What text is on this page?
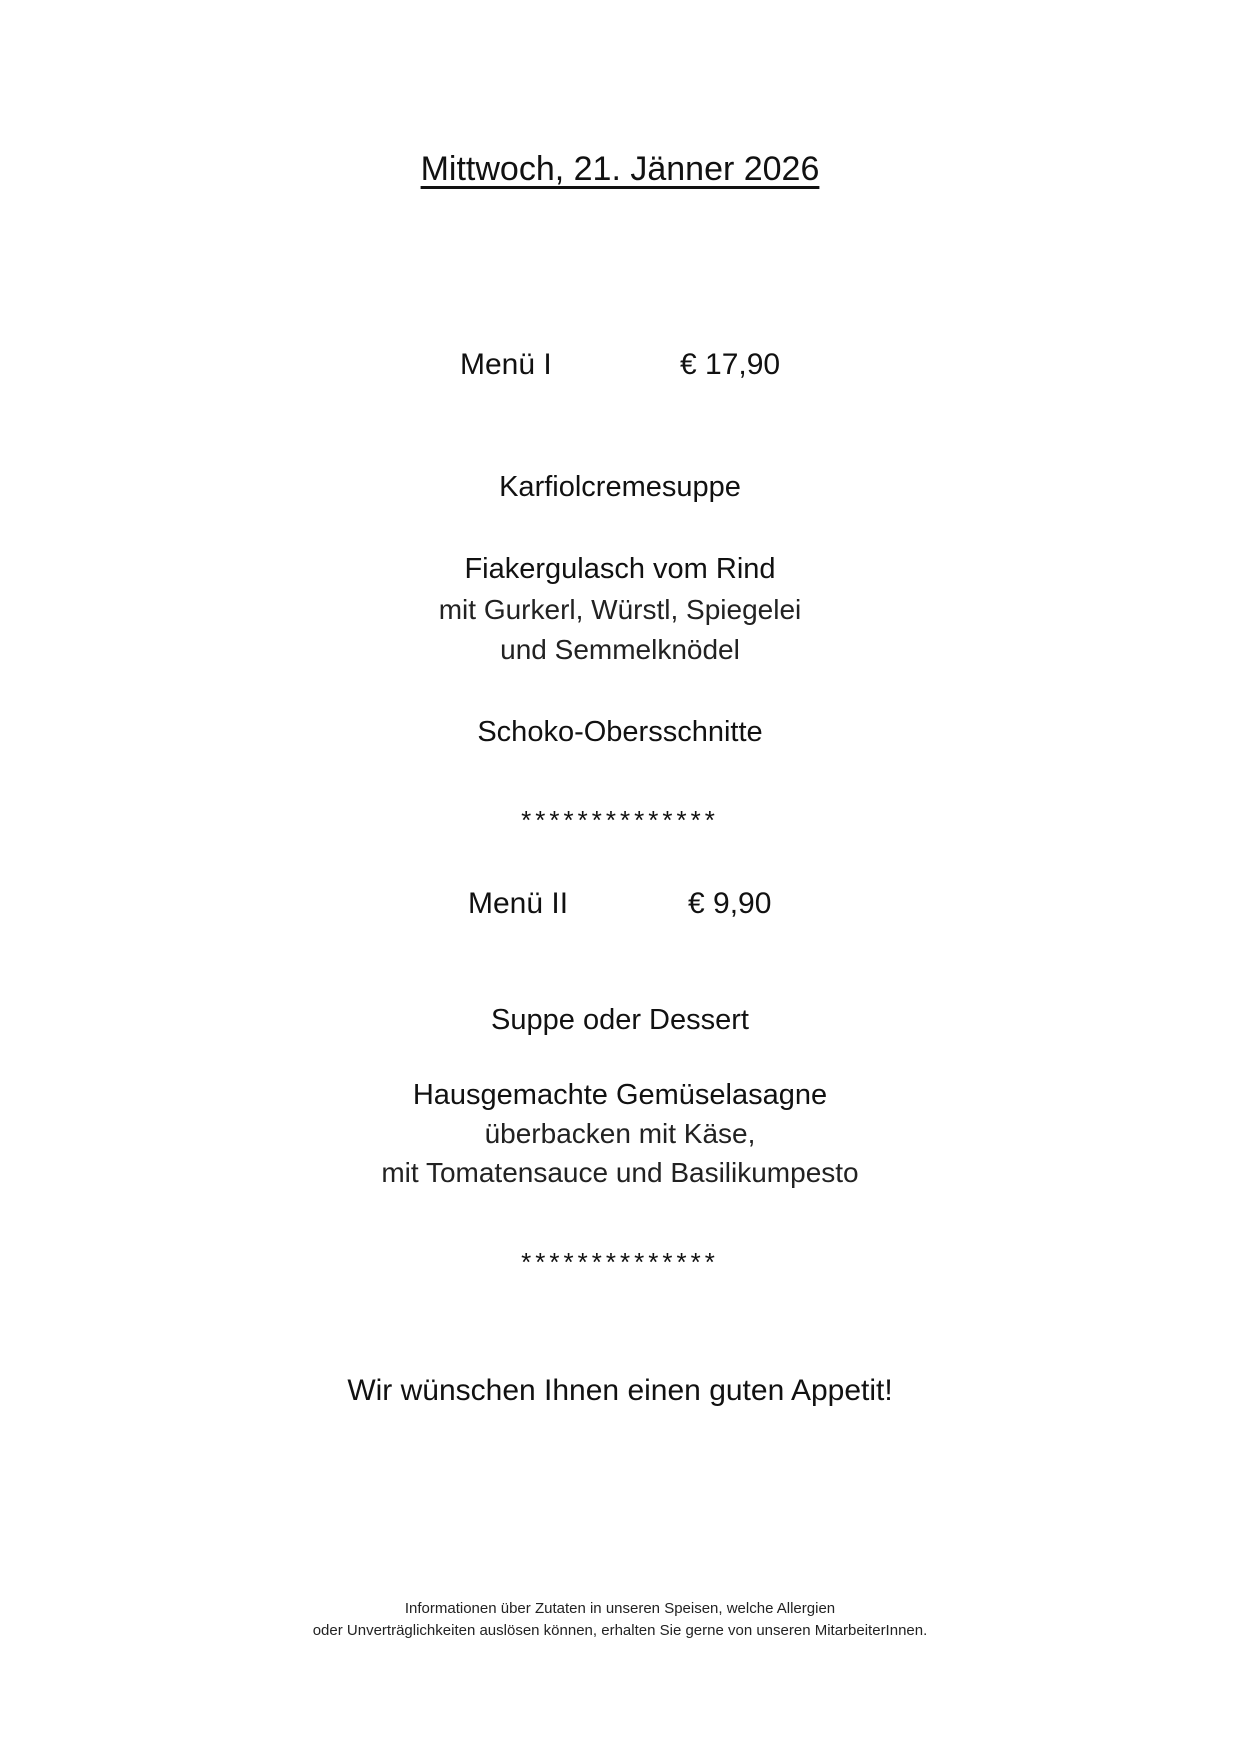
Mittwoch, 21. Jänner 2026
Menü I	€ 17,90
Karfiolcremesuppe
Fiakergulasch vom Rind
mit Gurkerl, Würstl, Spiegelei
und Semmelknödel
Schoko-Obersschnitte
**************
Menü II	€ 9,90
Suppe oder Dessert
Hausgemachte Gemüselasagne
überbacken mit Käse,
mit Tomatensauce und Basilikumpesto
**************
Wir wünschen Ihnen einen guten Appetit!
Informationen über Zutaten in unseren Speisen, welche Allergien
oder Unverträglichkeiten auslösen können, erhalten Sie gerne von unseren MitarbeiterInnen.
